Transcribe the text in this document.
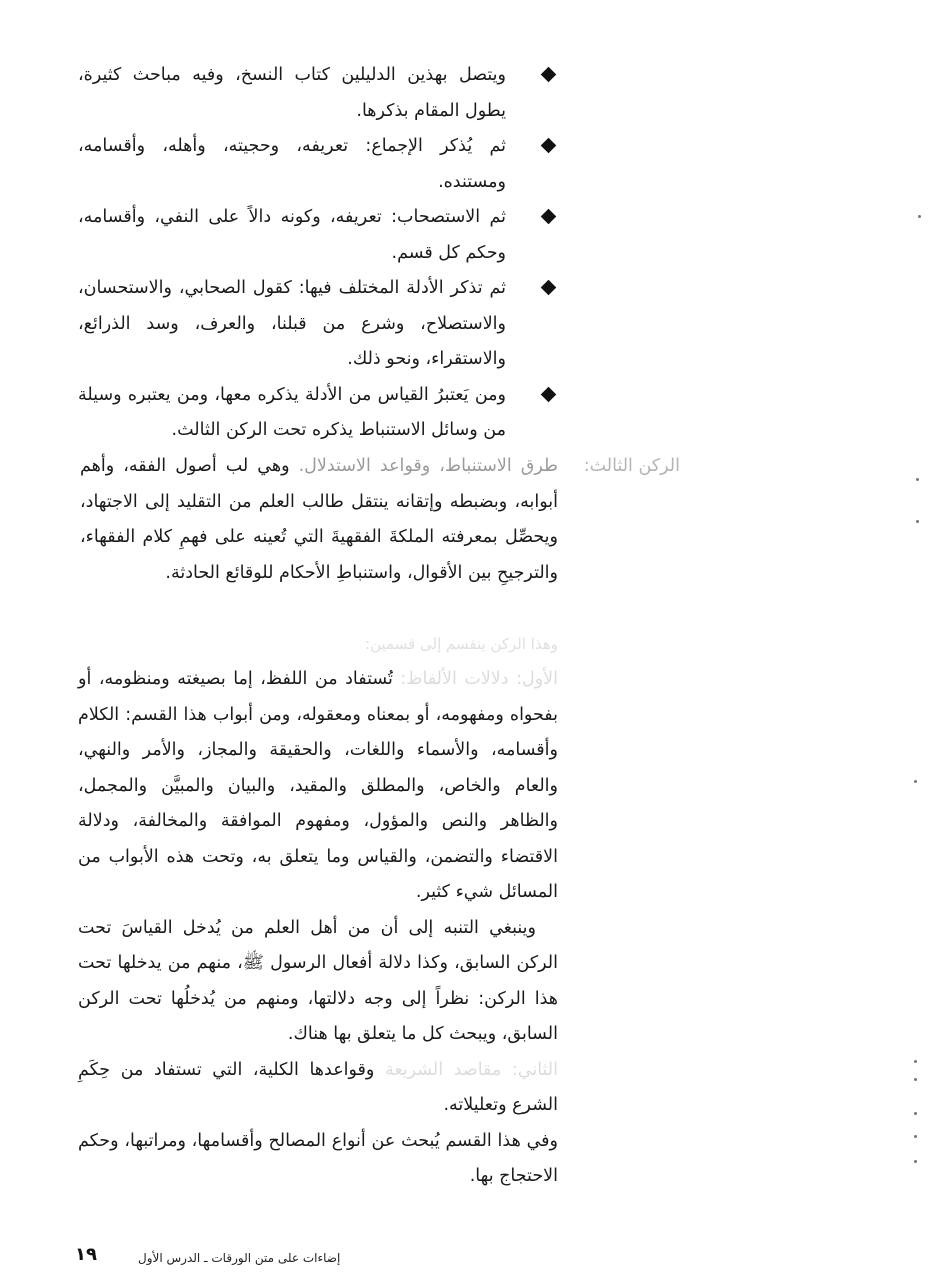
ويتصل بهذين الدليلين كتاب النسخ، وفيه مباحث كثيرة، يطول المقام بذكرها.
ثم يُذكر الإجماع: تعريفه، وحجيته، وأهله، وأقسامه، ومستنده.
ثم الاستصحاب: تعريفه، وكونه دالاً على النفي، وأقسامه، وحكم كل قسم.
ثم تذكر الأدلة المختلف فيها: كقول الصحابي، والاستحسان، والاستصلاح، وشرع من قبلنا، والعرف، وسد الذرائع، والاستقراء، ونحو ذلك.
ومن يَعتبرُ القياس من الأدلة يذكره معها، ومن يعتبره وسيلة من وسائل الاستنباط يذكره تحت الركن الثالث.
الركن الثالث:
طرق الاستنباط، وقواعد الاستدلال. وهي لب أصول الفقه، وأهم أبوابه، وبضبطه وإتقانه ينتقل طالب العلم من التقليد إلى الاجتهاد، ويحصِّل بمعرفته الملكةَ الفقهيةَ التي تُعينه على فهمِ كلام الفقهاء، والترجيحِ بين الأقوال، واستنباطِ الأحكام للوقائع الحادثة.
وهذا الركن ينقسم إلى قسمين:
الأول: دلالات الألفاظ: تُستفاد من اللفظ، إما بصيغته ومنظومه، أو بفحواه ومفهومه، أو بمعناه ومعقوله، ومن أبواب هذا القسم: الكلام وأقسامه، والأسماء واللغات، والحقيقة والمجاز، والأمر والنهي، والعام والخاص، والمطلق والمقيد، والبيان والمبيَّن والمجمل، والظاهر والنص والمؤول، ومفهوم الموافقة والمخالفة، ودلالة الاقتضاء والتضمن، والقياس وما يتعلق به، وتحت هذه الأبواب من المسائل شيء كثير.
وينبغي التنبه إلى أن من أهل العلم من يُدخل القياسَ تحت الركن السابق، وكذا دلالة أفعال الرسول ﷺ، منهم من يدخلها تحت هذا الركن: نظراً إلى وجه دلالتها، ومنهم من يُدخلُها تحت الركن السابق، ويبحث كل ما يتعلق بها هناك.
الثاني: مقاصد الشريعة وقواعدها الكلية، التي تستفاد من حِكَمِ الشرع وتعليلاته.
وفي هذا القسم يُبحث عن أنواع المصالح وأقسامها، ومراتبها، وحكم الاحتجاج بها.
١٩	إضاءات على متن الورقات ـ الدرس الأول
